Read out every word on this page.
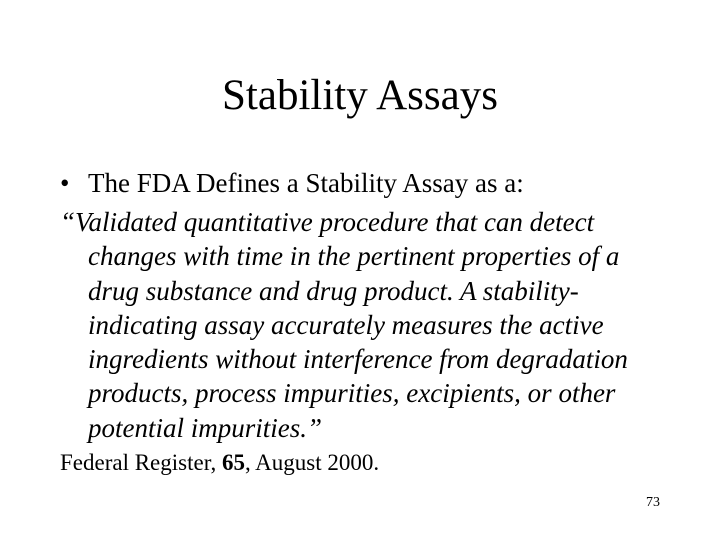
Stability Assays
• The FDA Defines a Stability Assay as a:
“Validated quantitative procedure that can detect
changes with time in the pertinent properties of a
drug substance and drug product. A stability-
indicating assay accurately measures the active
ingredients without interference from degradation
products, process impurities, excipients, or other
potential impurities.”
Federal Register, 65, August 2000.
73
